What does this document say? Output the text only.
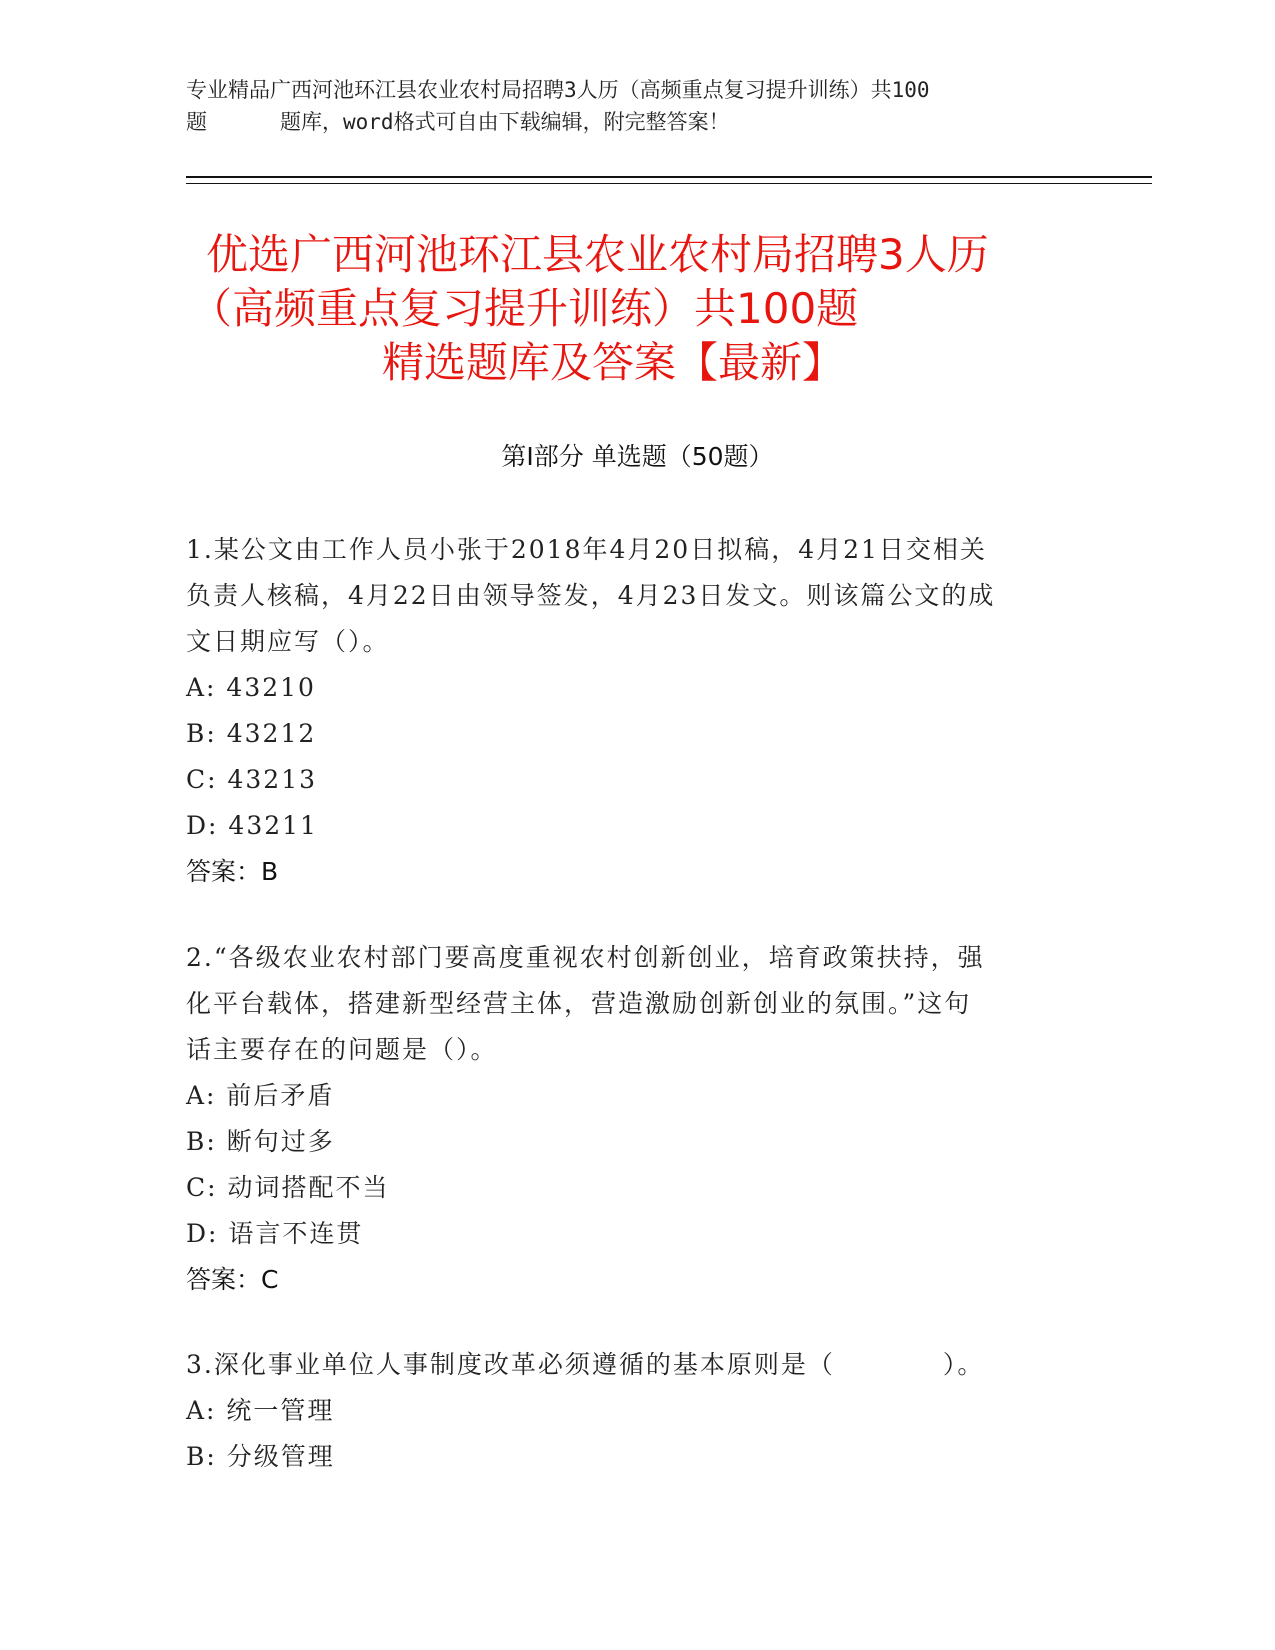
专业精品广西河池环江县农业农村局招聘3人历（高频重点复习提升训练）共100
题	题库，word格式可自由下载编辑，附完整答案！
优选广西河池环江县农业农村局招聘3人历
（高频重点复习提升训练）共100题
精选题库及答案【最新】
第Ⅰ部分 单选题（50题）
1.某公文由工作人员小张于2018年4月20日拟稿，4月21日交相关
负责人核稿，4月22日由领导签发，4月23日发文。则该篇公文的成
文日期应写（）。
A: 43210
B: 43212
C: 43213
D: 43211
答案：B
2.“各级农业农村部门要高度重视农村创新创业，培育政策扶持，强
化平台载体，搭建新型经营主体，营造激励创新创业的氛围。”这句
话主要存在的问题是（）。
A: 前后矛盾
B: 断句过多
C: 动词搭配不当
D: 语言不连贯
答案：C
3.深化事业单位人事制度改革必须遵循的基本原则是（　　　　）。
A: 统一管理
B: 分级管理
